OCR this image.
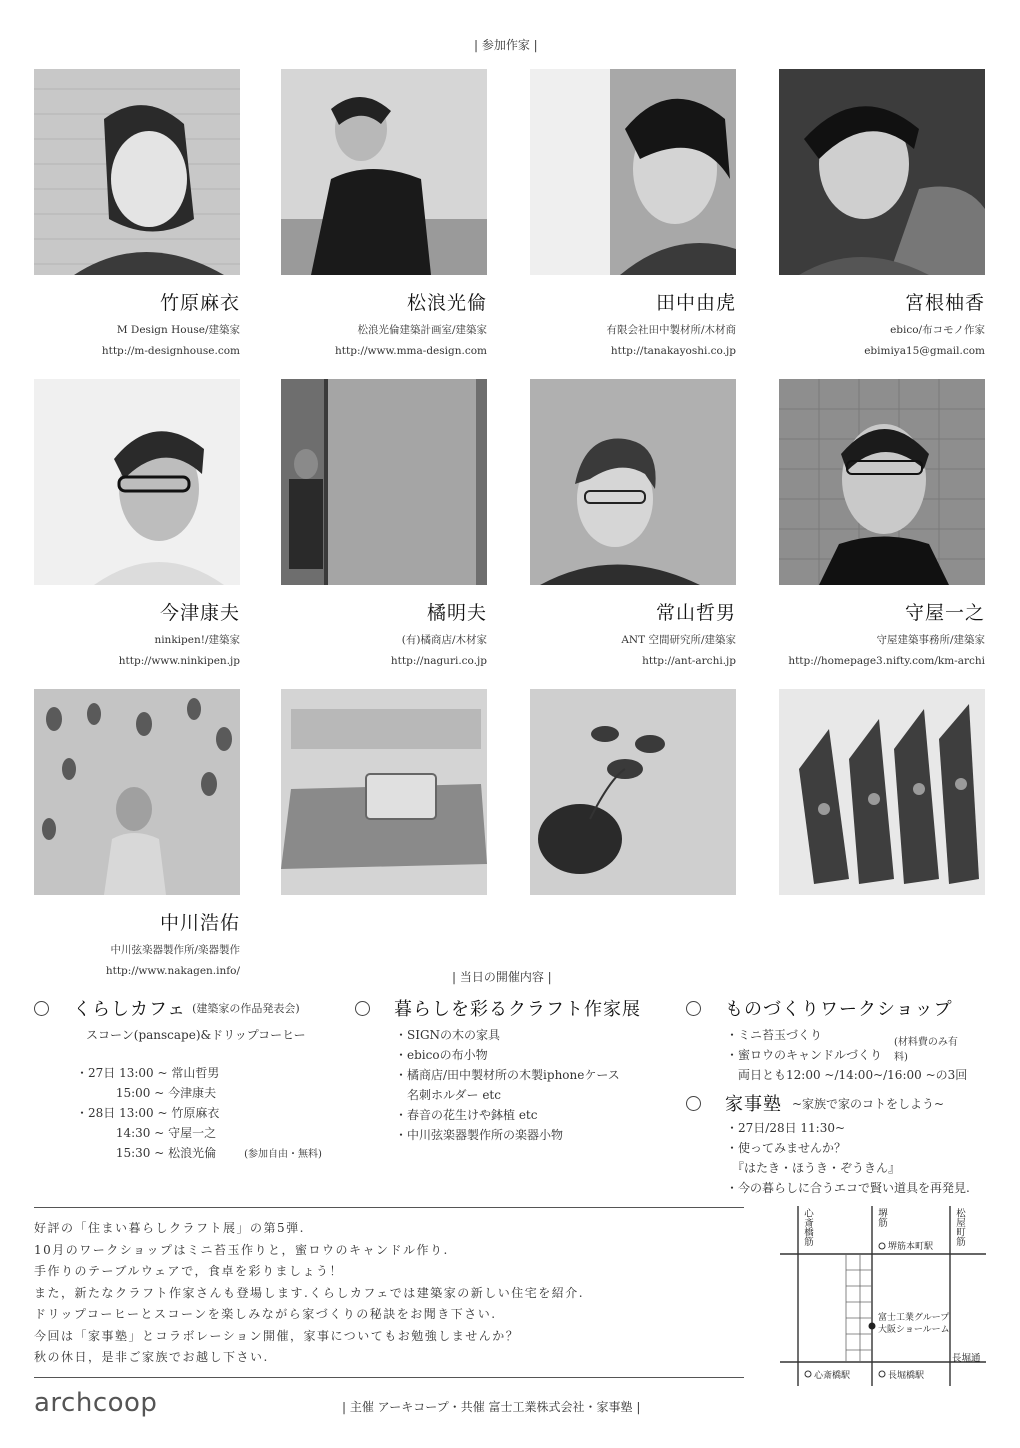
| 参加作家 |
竹原麻衣
M Design House/建築家
http://m-designhouse.com
松浪光倫
松浪光倫建築計画室/建築家
http://www.mma-design.com
田中由虎
有限会社田中製材所/木材商
http://tanakayoshi.co.jp
宮根柚香
ebico/布コモノ作家
ebimiya15@gmail.com
今津康夫
ninkipen!/建築家
http://www.ninkipen.jp
橘明夫
(有)橘商店/木材家
http://naguri.co.jp
常山哲男
ANT 空間研究所/建築家
http://ant-archi.jp
守屋一之
守屋建築事務所/建築家
http://homepage3.nifty.com/km-archi
中川浩佑
中川弦楽器製作所/楽器製作
http://www.nakagen.info/	| 当日の開催内容 |
くらしカフェ (建築家の作品発表会)
スコーン(panscape)&ドリップコーヒー
・27日 13:00 ~ 常山哲男
　　　 15:00 ~ 今津康夫
・28日 13:00 ~ 竹原麻衣
　　　 14:30 ~ 守屋一之
　　　 15:30 ~ 松浪光倫	(参加自由・無料)
暮らしを彩るクラフト作家展
・SIGNの木の家具
・ebicoの布小物
・橘商店/田中製材所の木製iphoneケース
　名刺ホルダー etc
・春音の花生けや鉢植 etc
・中川弦楽器製作所の楽器小物
ものづくりワークショップ
・ミニ苔玉づくり
・蜜ロウのキャンドルづくり
　両日とも12:00 ~/14:00~/16:00 ~の3回
(材料費のみ有料)
家事塾 ~家族で家のコトをしよう~
・27日/28日 11:30~
・使ってみませんか？
　『はたき・ほうき・ぞうきん』
・今の暮らしに合うエコで賢い道具を再発見.
好評の「住まい暮らしクラフト展」の第5弾.
10月のワークショップはミニ苔玉作りと，蜜ロウのキャンドル作り.
手作りのテーブルウェアで，食卓を彩りましょう！
また，新たなクラフト作家さんも登場します.くらしカフェでは建築家の新しい住宅を紹介.
ドリップコーヒーとスコーンを楽しみながら家づくりの秘訣をお聞き下さい.
今回は「家事塾」とコラボレーション開催，家事についてもお勉強しませんか？
秋の休日，是非ご家族でお越し下さい.
archcoop	| 主催 アーキコープ・共催 富士工業株式会社・家事塾 |
心斎橋筋	堺筋	松屋町筋
長堀通
堺筋本町駅
心斎橋駅	長堀橋駅
富士工業グループ
大阪ショールーム
